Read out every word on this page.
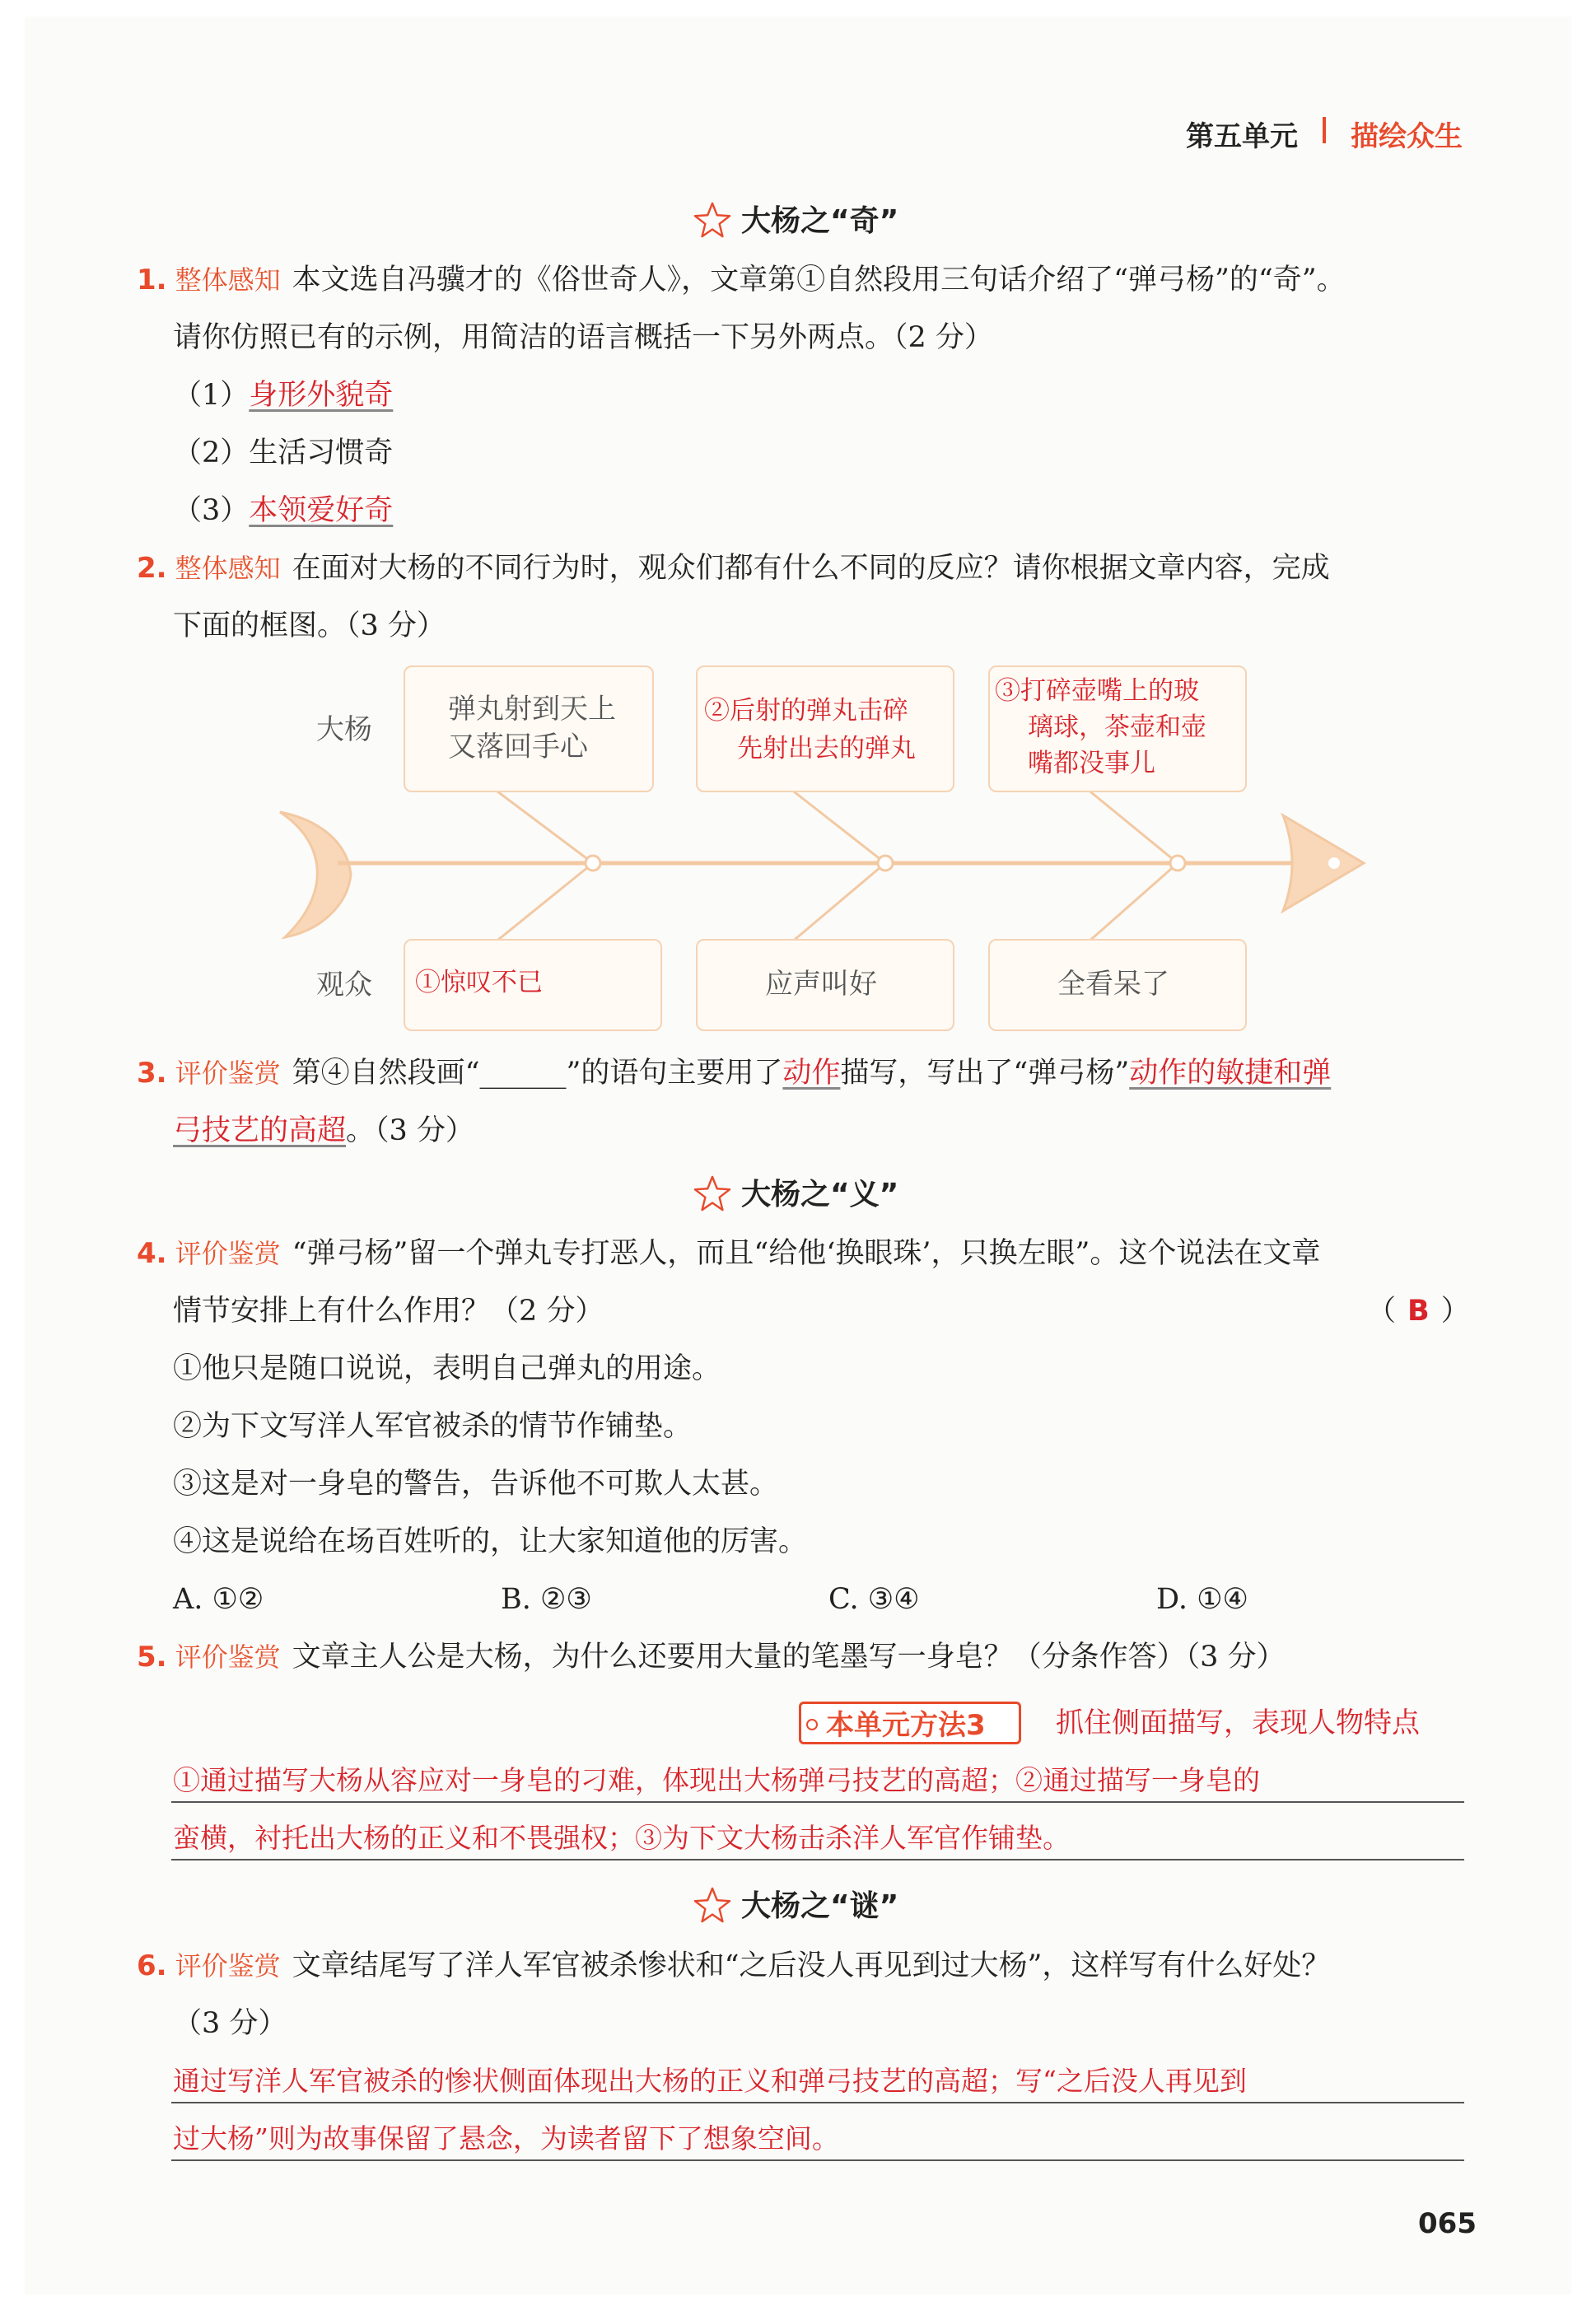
第五单元 描绘众生
大杨之“奇”
1. 整体感知 本文选自冯骥才的《俗世奇人》，文章第①自然段用三句话介绍了“弹弓杨”的“奇”。
请你仿照已有的示例，用简洁的语言概括一下另外两点。（2 分）
（1）身形外貌奇
（2）生活习惯奇
（3）本领爱好奇
2. 整体感知 在面对大杨的不同行为时，观众们都有什么不同的反应？请你根据文章内容，完成
下面的框图。（3 分）
大杨
观众
弹丸射到天上
又落回手心
②后射的弹丸击碎
先射出去的弹丸
③打碎壶嘴上的玻
璃球，茶壶和壶
嘴都没事儿
①惊叹不已	应声叫好	全看呆了
3. 评价鉴赏 第④自然段画“______”的语句主要用了动作描写，写出了“弹弓杨”动作的敏捷和弹
弓技艺的高超。（3 分）
大杨之“义”
4. 评价鉴赏 “弹弓杨”留一个弹丸专打恶人，而且“给他‘换眼珠’，只换左眼”。这个说法在文章
情节安排上有什么作用？（2 分）	（ B ）
①他只是随口说说，表明自己弹丸的用途。
②为下文写洋人军官被杀的情节作铺垫。
③这是对一身皂的警告，告诉他不可欺人太甚。
④这是说给在场百姓听的，让大家知道他的厉害。
A. ①②	B. ②③	C. ③④	D. ①④
5. 评价鉴赏 文章主人公是大杨，为什么还要用大量的笔墨写一身皂？（分条作答）（3 分）
本单元方法3	抓住侧面描写，表现人物特点
①通过描写大杨从容应对一身皂的刁难，体现出大杨弹弓技艺的高超；②通过描写一身皂的
蛮横，衬托出大杨的正义和不畏强权；③为下文大杨击杀洋人军官作铺垫。
大杨之“谜”
6. 评价鉴赏 文章结尾写了洋人军官被杀惨状和“之后没人再见到过大杨”，这样写有什么好处？
（3 分）
通过写洋人军官被杀的惨状侧面体现出大杨的正义和弹弓技艺的高超；写“之后没人再见到
过大杨”则为故事保留了悬念，为读者留下了想象空间。
065
